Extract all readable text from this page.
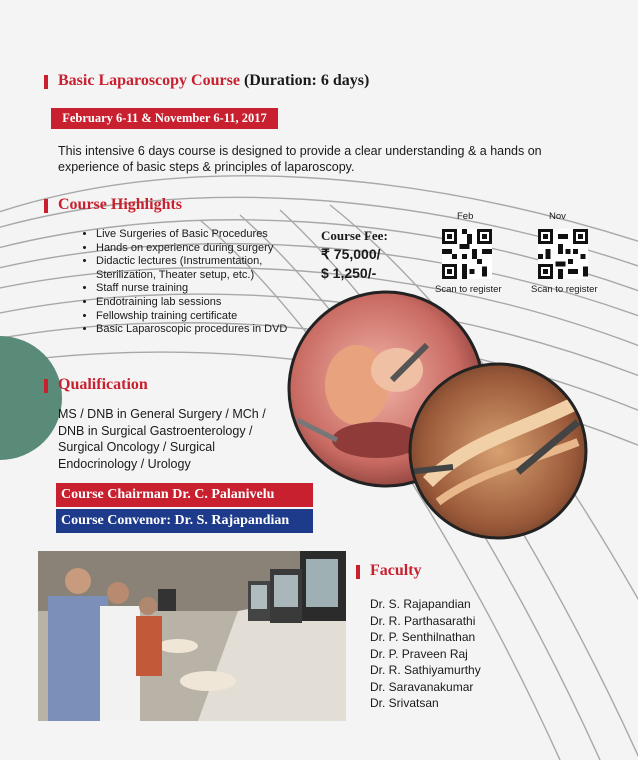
Basic Laparoscopy Course (Duration: 6 days)
February 6-11 & November 6-11, 2017
This intensive 6 days course is designed to provide a clear understanding & a hands on experience of basic steps & principles of laparoscopy.
Course Highlights
• Live Surgeries of Basic Procedures
• Hands on experience during surgery
• Didactic lectures (Instrumentation, Sterilization, Theater setup, etc.)
• Staff nurse training
• Endotraining lab sessions
• Fellowship training certificate
• Basic Laparoscopic procedures in DVD
Course Fee:
₹ 75,000/
$ 1,250/-
Feb	Nov
Scan to register	Scan to register
Qualification
MS / DNB in General Surgery / MCh / DNB in Surgical Gastroenterology / Surgical Oncology / Surgical Endocrinology / Urology
Course Chairman Dr. C. Palanivelu
Course Convenor: Dr. S. Rajapandian
Faculty
Dr. S. Rajapandian
Dr. R. Parthasarathi
Dr. P. Senthilnathan
Dr. P. Praveen Raj
Dr. R. Sathiyamurthy
Dr. Saravanakumar
Dr. Srivatsan
